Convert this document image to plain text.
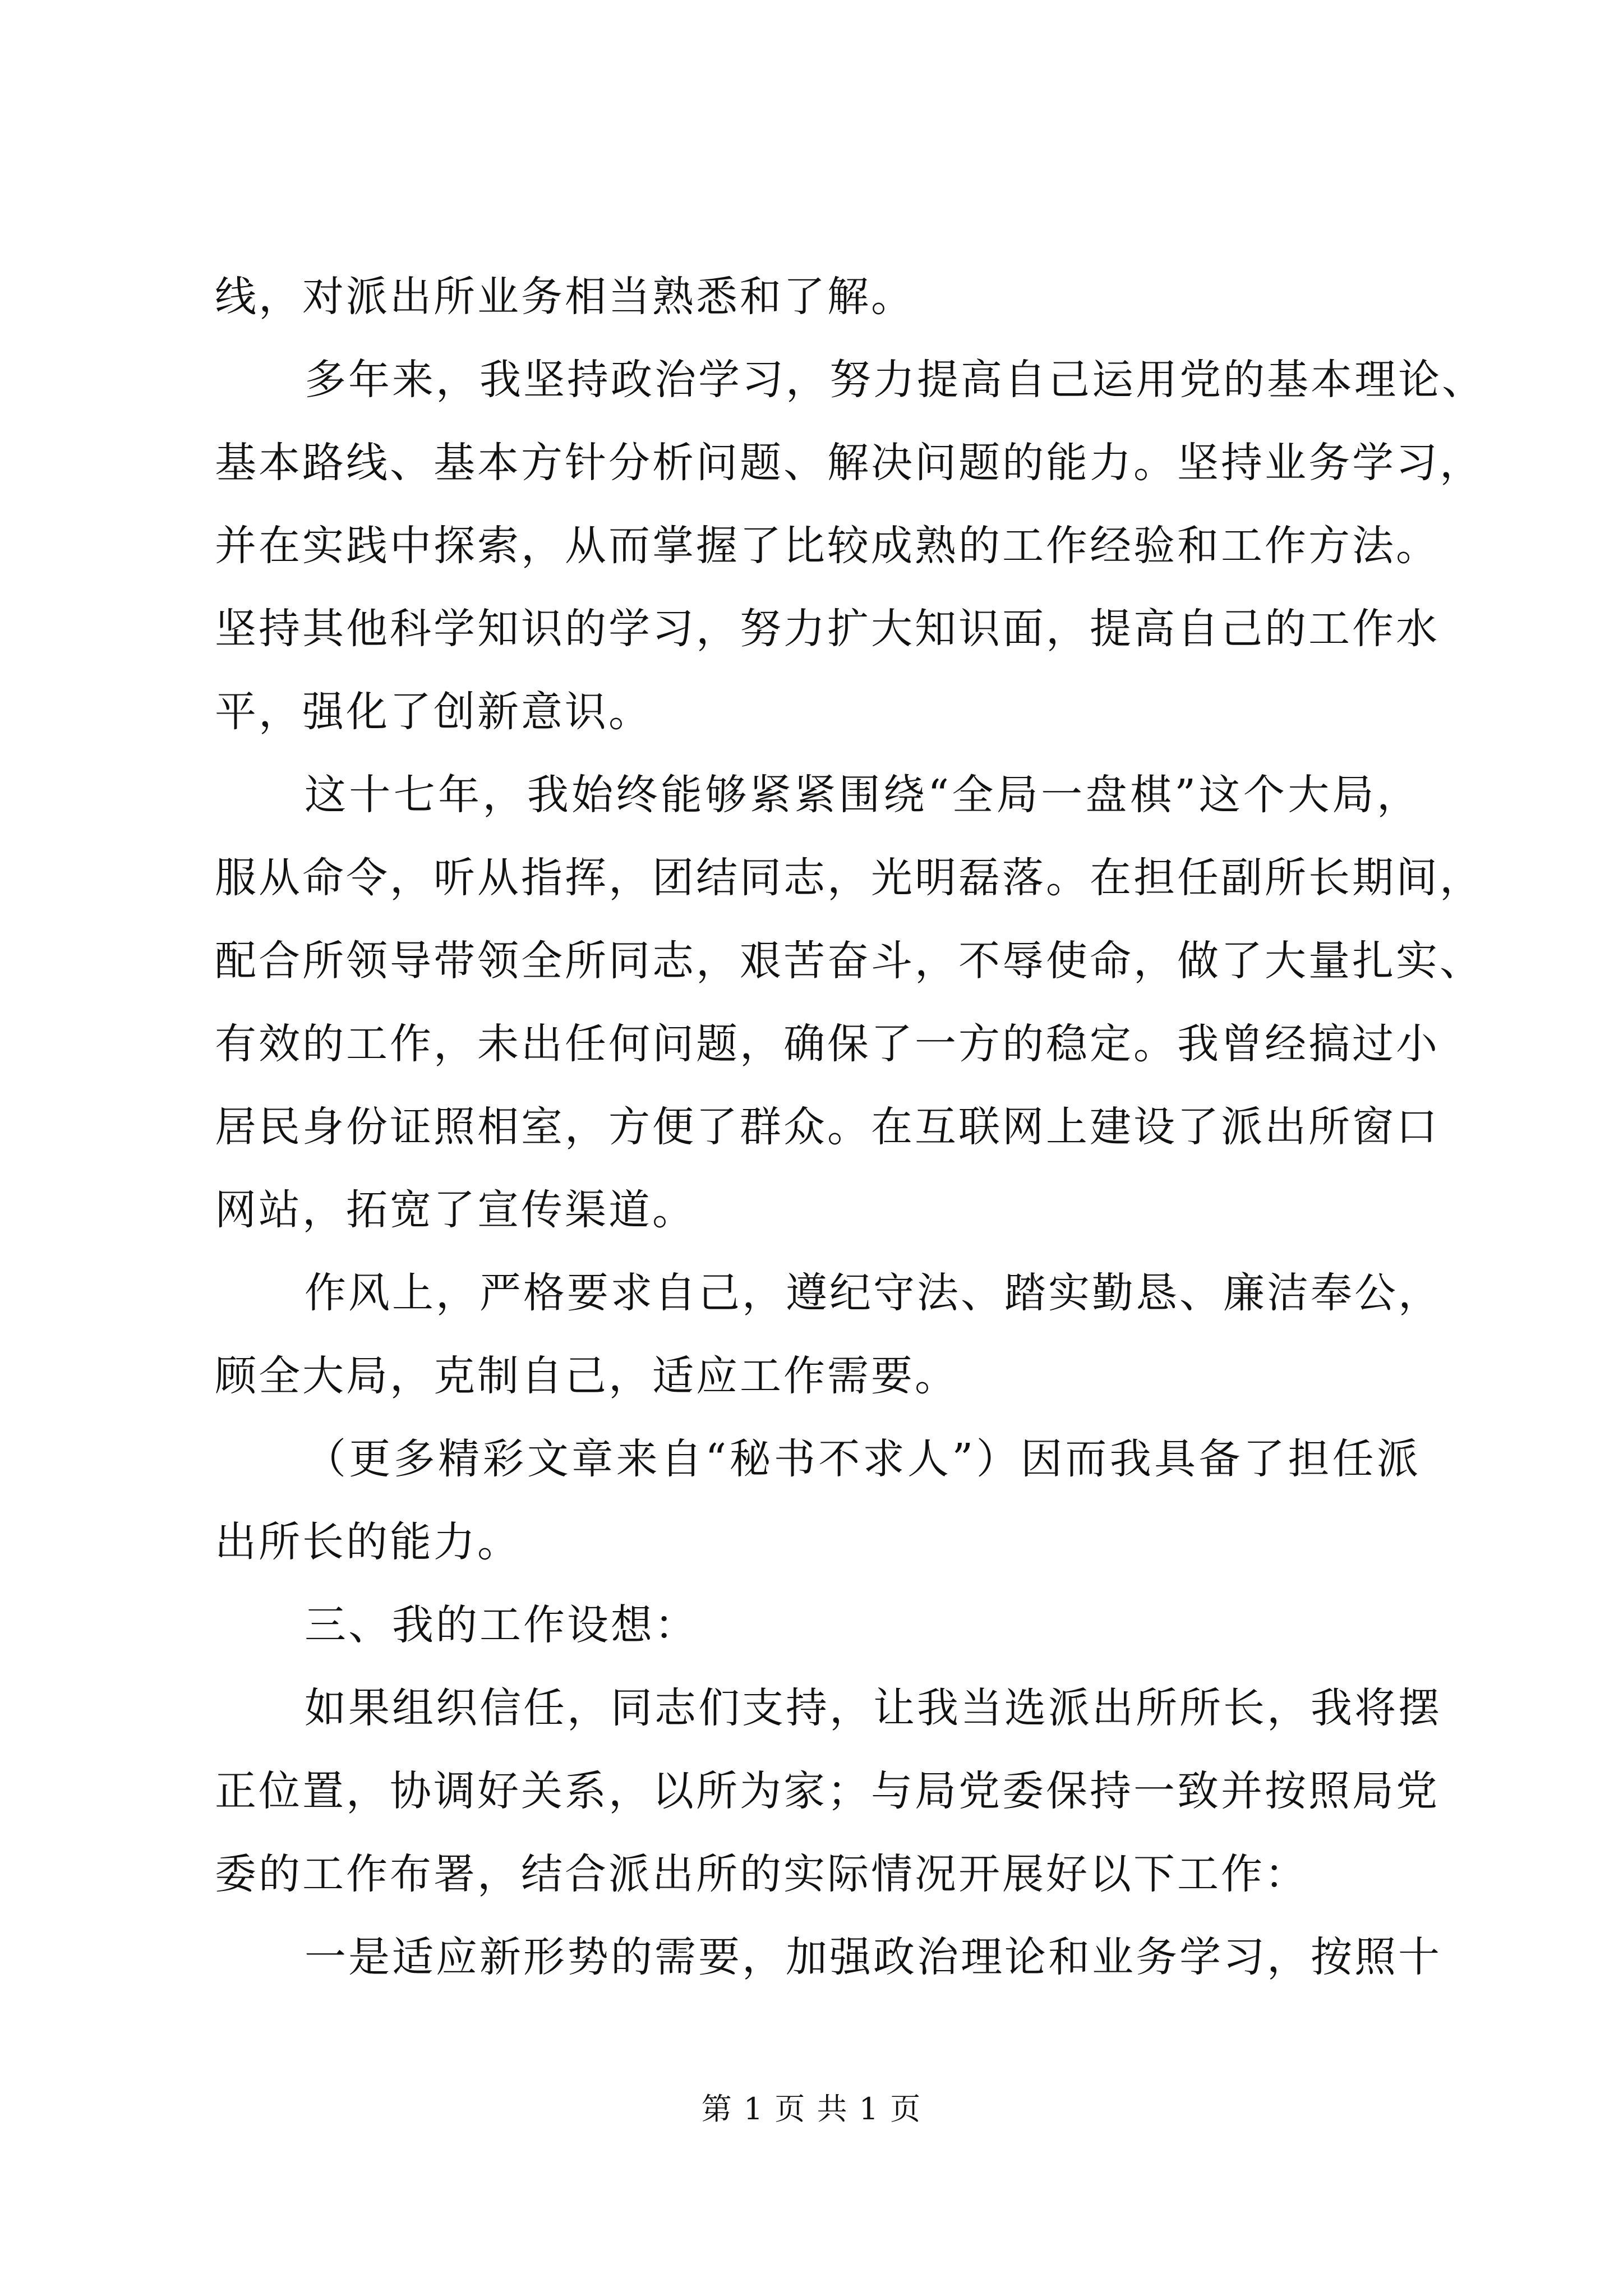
线，对派出所业务相当熟悉和了解。
多年来，我坚持政治学习，努力提高自己运用党的基本理论、
基本路线、基本方针分析问题、解决问题的能力。坚持业务学习，
并在实践中探索，从而掌握了比较成熟的工作经验和工作方法。
坚持其他科学知识的学习，努力扩大知识面，提高自己的工作水
平，强化了创新意识。
这十七年，我始终能够紧紧围绕“全局一盘棋”这个大局，
服从命令，听从指挥，团结同志，光明磊落。在担任副所长期间，
配合所领导带领全所同志，艰苦奋斗，不辱使命，做了大量扎实、
有效的工作，未出任何问题，确保了一方的稳定。我曾经搞过小
居民身份证照相室，方便了群众。在互联网上建设了派出所窗口
网站，拓宽了宣传渠道。
作风上，严格要求自己，遵纪守法、踏实勤恳、廉洁奉公，
顾全大局，克制自己，适应工作需要。
（更多精彩文章来自“秘书不求人”）因而我具备了担任派
出所长的能力。
三、我的工作设想：
如果组织信任，同志们支持，让我当选派出所所长，我将摆
正位置，协调好关系，以所为家；与局党委保持一致并按照局党
委的工作布署，结合派出所的实际情况开展好以下工作：
一是适应新形势的需要，加强政治理论和业务学习，按照十
第 1 页 共 1 页
